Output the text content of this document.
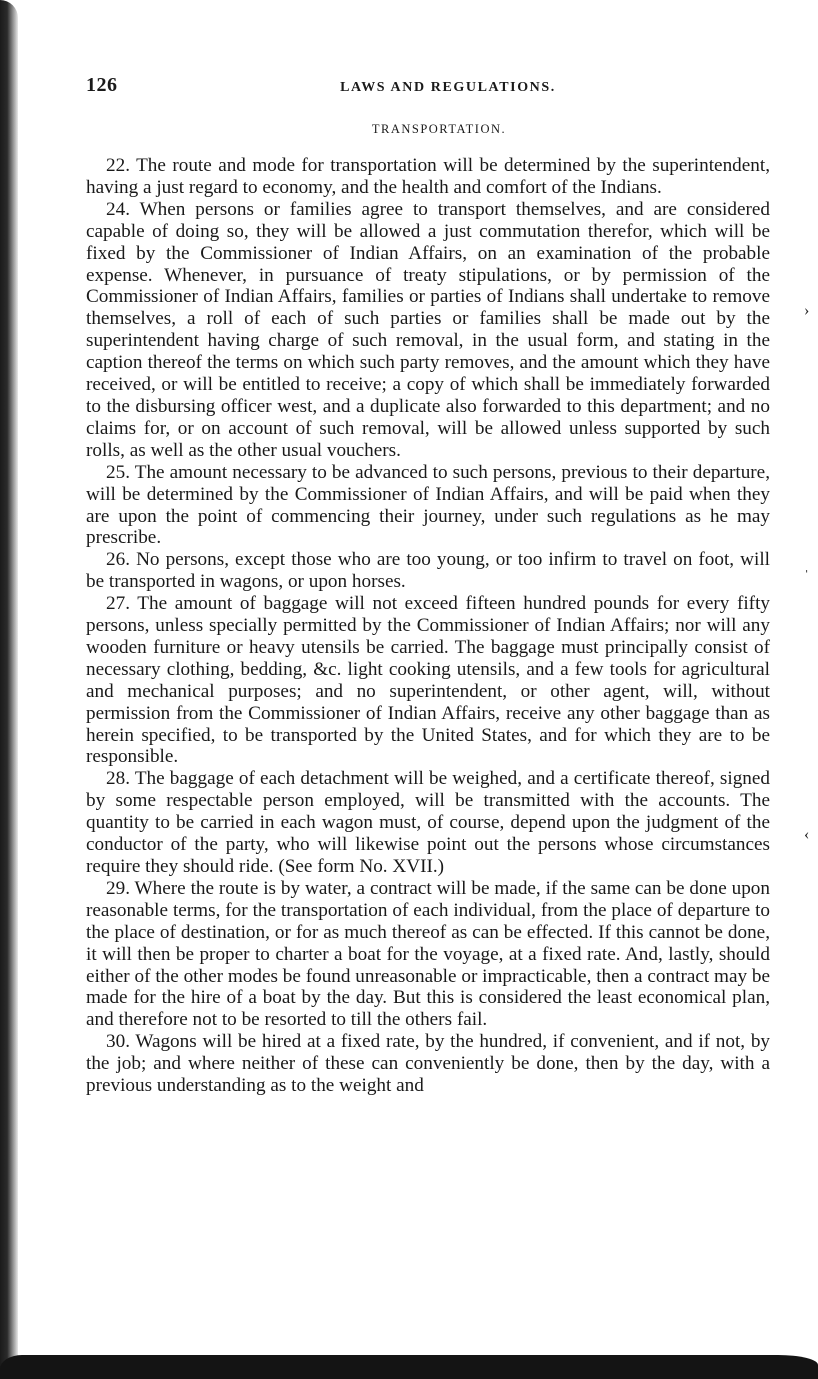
›
ˈ
‹
126	LAWS AND REGULATIONS.
TRANSPORTATION.

22. The route and mode for transportation will be determined by the superintendent, having a just regard to economy, and the health and comfort of the Indians.

24. When persons or families agree to transport themselves, and are considered capable of doing so, they will be allowed a just commutation therefor, which will be fixed by the Commissioner of Indian Affairs, on an examination of the probable expense. Whenever, in pursuance of treaty stipulations, or by permission of the Commissioner of Indian Affairs, families or parties of Indians shall undertake to remove themselves, a roll of each of such parties or families shall be made out by the superintendent having charge of such removal, in the usual form, and stating in the caption thereof the terms on which such party removes, and the amount which they have received, or will be entitled to receive; a copy of which shall be immediately forwarded to the disbursing officer west, and a duplicate also forwarded to this department; and no claims for, or on account of such removal, will be allowed unless supported by such rolls, as well as the other usual vouchers.

25. The amount necessary to be advanced to such persons, previous to their departure, will be determined by the Commissioner of Indian Affairs, and will be paid when they are upon the point of commencing their journey, under such regulations as he may prescribe.

26. No persons, except those who are too young, or too infirm to travel on foot, will be transported in wagons, or upon horses.

27. The amount of baggage will not exceed fifteen hundred pounds for every fifty persons, unless specially permitted by the Commissioner of Indian Affairs; nor will any wooden furniture or heavy utensils be carried. The baggage must principally consist of necessary clothing, bedding, &c. light cooking utensils, and a few tools for agricultural and mechanical purposes; and no superintendent, or other agent, will, without permission from the Commissioner of Indian Affairs, receive any other baggage than as herein specified, to be transported by the United States, and for which they are to be responsible.

28. The baggage of each detachment will be weighed, and a certificate thereof, signed by some respectable person employed, will be transmitted with the accounts. The quantity to be carried in each wagon must, of course, depend upon the judgment of the conductor of the party, who will likewise point out the persons whose circumstances require they should ride. (See form No. XVII.)

29. Where the route is by water, a contract will be made, if the same can be done upon reasonable terms, for the transportation of each individual, from the place of departure to the place of destination, or for as much thereof as can be effected. If this cannot be done, it will then be proper to charter a boat for the voyage, at a fixed rate. And, lastly, should either of the other modes be found unreasonable or impracticable, then a contract may be made for the hire of a boat by the day. But this is considered the least economical plan, and therefore not to be resorted to till the others fail.

30. Wagons will be hired at a fixed rate, by the hundred, if convenient, and if not, by the job; and where neither of these can conveniently be done, then by the day, with a previous understanding as to the weight and
